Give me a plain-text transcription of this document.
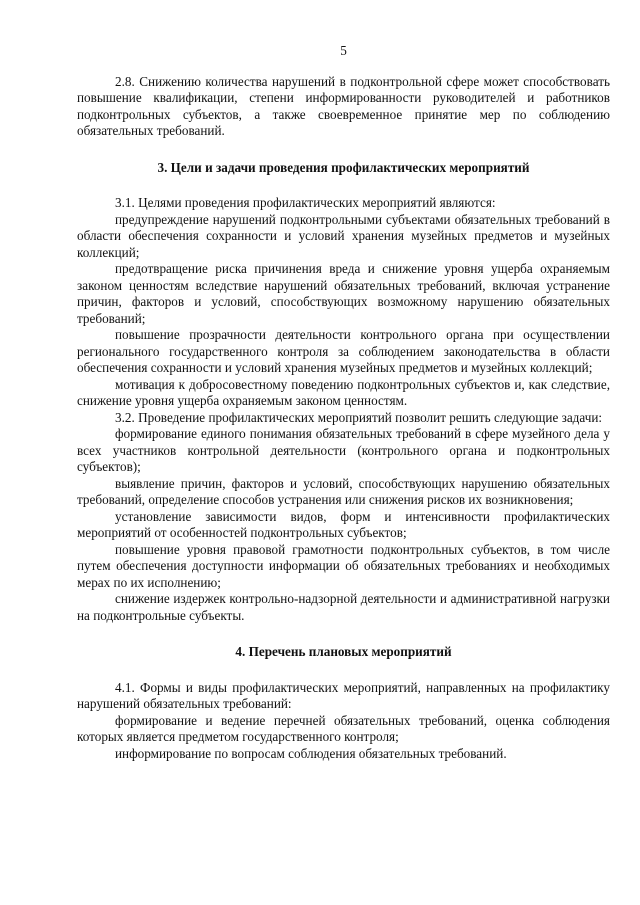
5

2.8. Снижению количества нарушений в подконтрольной сфере может способствовать повышение квалификации, степени информированности руководителей и работников подконтрольных субъектов, а также своевременное принятие мер по соблюдению обязательных требований.

3. Цели и задачи проведения профилактических мероприятий

3.1. Целями проведения профилактических мероприятий являются:

предупреждение нарушений подконтрольными субъектами обязательных требований в области обеспечения сохранности и условий хранения музейных предметов и музейных коллекций;

предотвращение риска причинения вреда и снижение уровня ущерба охраняемым законом ценностям вследствие нарушений обязательных требований, включая устранение причин, факторов и условий, способствующих возможному нарушению обязательных требований;

повышение прозрачности деятельности контрольного органа при осуществлении регионального государственного контроля за соблюдением законодательства в области обеспечения сохранности и условий хранения музейных предметов и музейных коллекций;

мотивация к добросовестному поведению подконтрольных субъектов и, как следствие, снижение уровня ущерба охраняемым законом ценностям.

3.2. Проведение профилактических мероприятий позволит решить следующие задачи:

формирование единого понимания обязательных требований в сфере музейного дела у всех участников контрольной деятельности (контрольного органа и подконтрольных субъектов);

выявление причин, факторов и условий, способствующих нарушению обязательных требований, определение способов устранения или снижения рисков их возникновения;

установление зависимости видов, форм и интенсивности профилактических мероприятий от особенностей подконтрольных субъектов;

повышение уровня правовой грамотности подконтрольных субъектов, в том числе путем обеспечения доступности информации об обязательных требованиях и необходимых мерах по их исполнению;

снижение издержек контрольно-надзорной деятельности и административной нагрузки на подконтрольные субъекты.

4. Перечень плановых мероприятий

4.1. Формы и виды профилактических мероприятий, направленных на профилактику нарушений обязательных требований:

формирование и ведение перечней обязательных требований, оценка соблюдения которых является предметом государственного контроля;

информирование по вопросам соблюдения обязательных требований.
